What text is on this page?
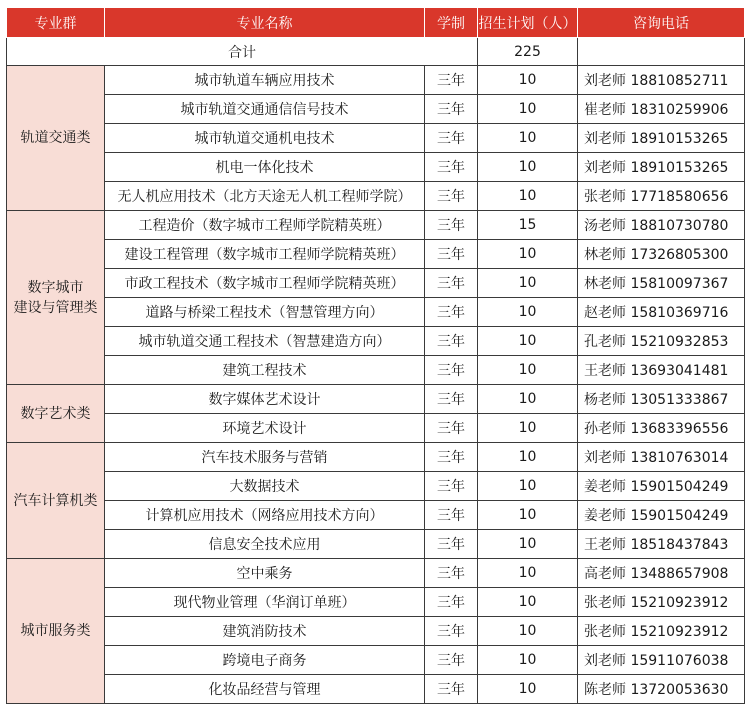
专业群	专业名称	学制	招生计划（人）	咨询电话
合计			225	
轨道交通类	城市轨道车辆应用技术	三年	10	刘老师 18810852711
	城市轨道交通通信信号技术	三年	10	崔老师 18310259906
	城市轨道交通机电技术	三年	10	刘老师 18910153265
	机电一体化技术	三年	10	刘老师 18910153265
	无人机应用技术（北方天途无人机工程师学院）	三年	10	张老师 17718580656
数字城市
建设与管理类	工程造价（数字城市工程师学院精英班）	三年	15	汤老师 18810730780
	建设工程管理（数字城市工程师学院精英班）	三年	10	林老师 17326805300
	市政工程技术（数字城市工程师学院精英班）	三年	10	林老师 15810097367
	道路与桥梁工程技术（智慧管理方向）	三年	10	赵老师 15810369716
	城市轨道交通工程技术（智慧建造方向）	三年	10	孔老师 15210932853
	建筑工程技术	三年	10	王老师 13693041481
数字艺术类	数字媒体艺术设计	三年	10	杨老师 13051333867
	环境艺术设计	三年	10	孙老师 13683396556
汽车计算机类	汽车技术服务与营销	三年	10	刘老师 13810763014
	大数据技术	三年	10	姜老师 15901504249
	计算机应用技术（网络应用技术方向）	三年	10	姜老师 15901504249
	信息安全技术应用	三年	10	王老师 18518437843
城市服务类	空中乘务	三年	10	高老师 13488657908
	现代物业管理（华润订单班）	三年	10	张老师 15210923912
	建筑消防技术	三年	10	张老师 15210923912
	跨境电子商务	三年	10	刘老师 15911076038
	化妆品经营与管理	三年	10	陈老师 13720053630
